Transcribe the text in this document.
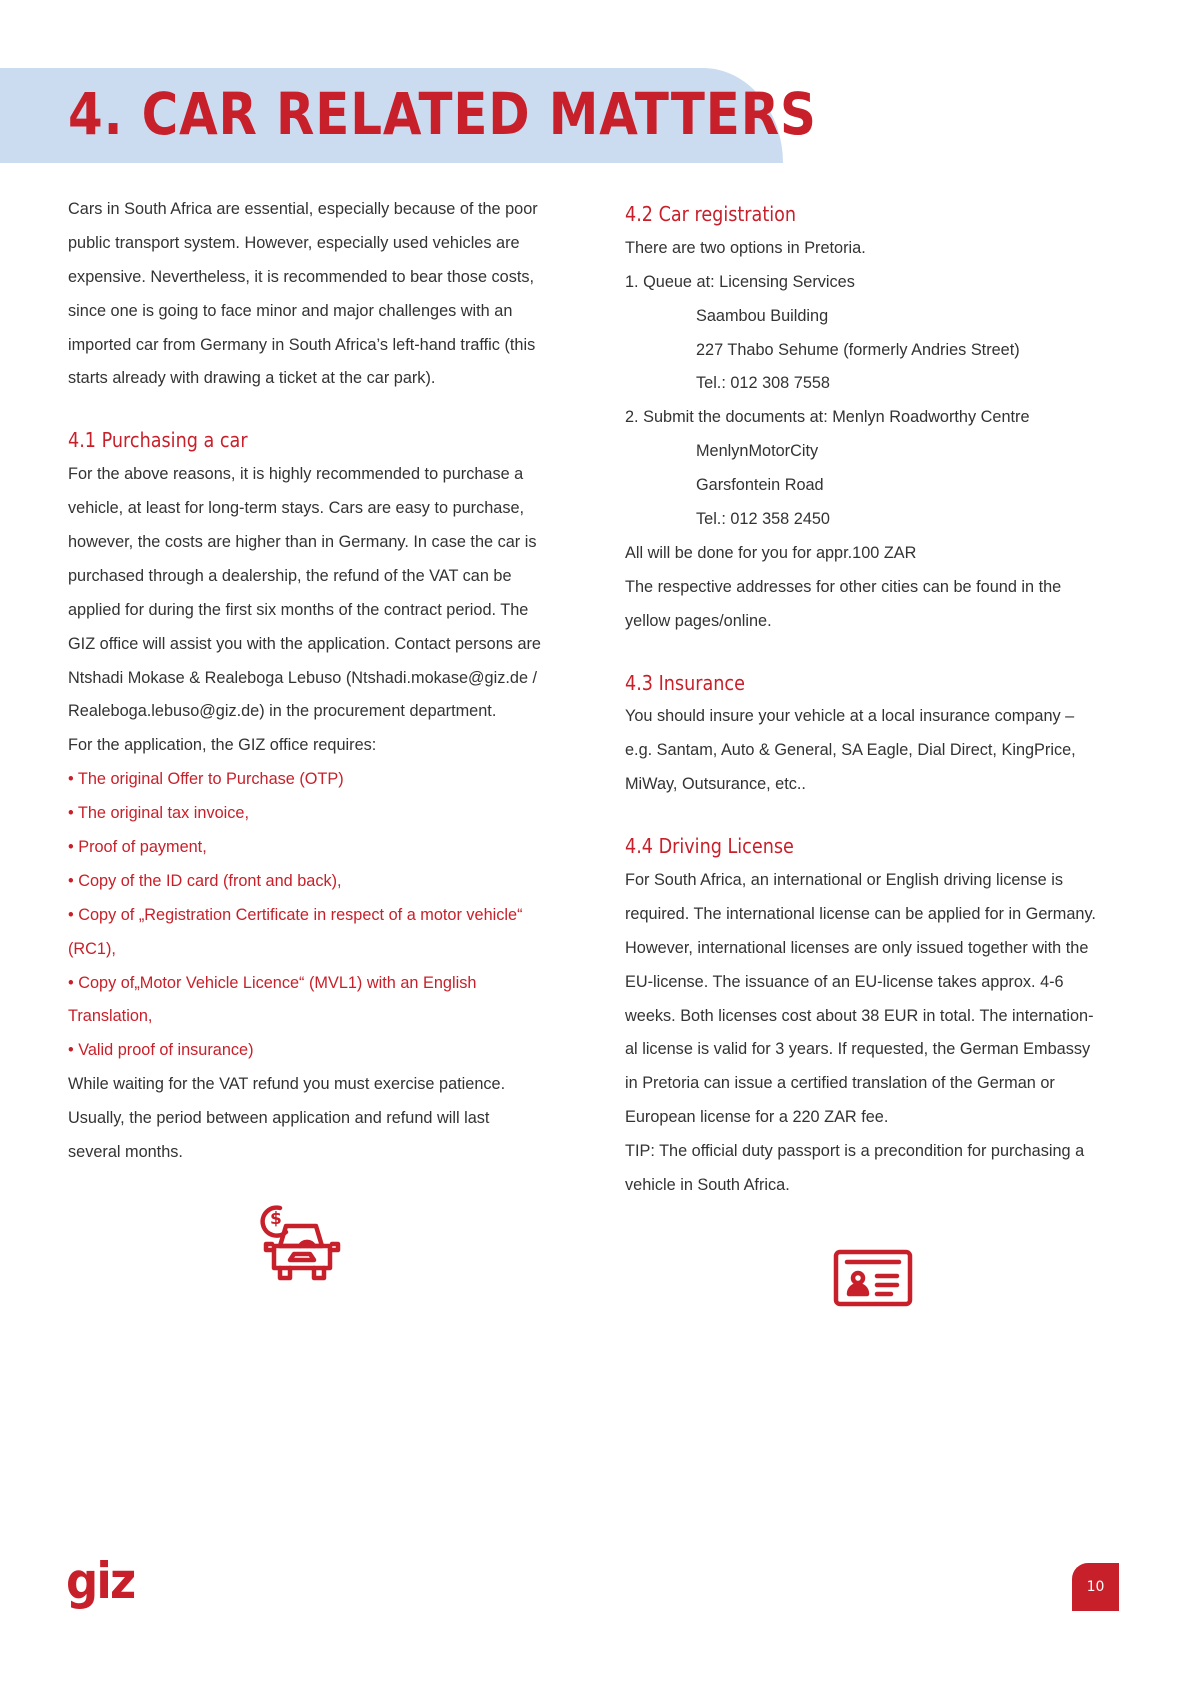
4. CAR RELATED MATTERS
Cars in South Africa are essential, especially because of the poor
public transport system. However, especially used vehicles are
expensive. Nevertheless, it is recommended to bear those costs,
since one is going to face minor and major challenges with an
imported car from Germany in South Africa’s left-hand traffic (this
starts already with drawing a ticket at the car park).
4.1 Purchasing a car
For the above reasons, it is highly recommended to purchase a
vehicle, at least for long-term stays. Cars are easy to purchase,
however, the costs are higher than in Germany. In case the car is
purchased through a dealership, the refund of the VAT can be
applied for during the first six months of the contract period. The
GIZ office will assist you with the application. Contact persons are
Ntshadi Mokase & Realeboga Lebuso (Ntshadi.mokase@giz.de /
Realeboga.lebuso@giz.de) in the procurement department.
For the application, the GIZ office requires:
• The original Offer to Purchase (OTP)
• The original tax invoice,
• Proof of payment,
• Copy of the ID card (front and back),
• Copy of „Registration Certificate in respect of a motor vehicle“
(RC1),
• Copy of„Motor Vehicle Licence“ (MVL1) with an English
Translation,
• Valid proof of insurance)
While waiting for the VAT refund you must exercise patience.
Usually, the period between application and refund will last
several months.
4.2 Car registration
There are two options in Pretoria.
1. Queue at: Licensing Services
Saambou Building
227 Thabo Sehume (formerly Andries Street)
Tel.: 012 308 7558
2. Submit the documents at: Menlyn Roadworthy Centre
MenlynMotorCity
Garsfontein Road
Tel.: 012 358 2450
All will be done for you for appr.100 ZAR
The respective addresses for other cities can be found in the
yellow pages/online.
4.3 Insurance
You should insure your vehicle at a local insurance company –
e.g. Santam, Auto & General, SA Eagle, Dial Direct, KingPrice,
MiWay, Outsurance, etc..
4.4 Driving License
For South Africa, an international or English driving license is
required. The international license can be applied for in Germany.
However, international licenses are only issued together with the
EU-license. The issuance of an EU-license takes approx. 4-6
weeks. Both licenses cost about 38 EUR in total. The internation-
al license is valid for 3 years. If requested, the German Embassy
in Pretoria can issue a certified translation of the German or
European license for a 220 ZAR fee.
TIP: The official duty passport is a precondition for purchasing a
vehicle in South Africa.
$
giz	10
